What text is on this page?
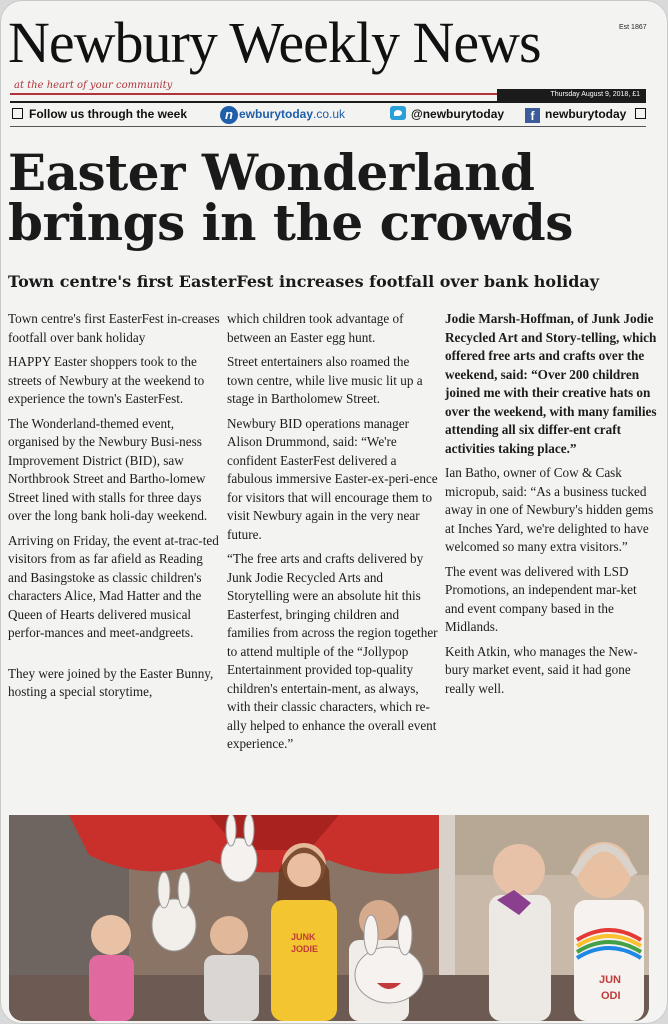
Newbury Weekly News	Est 1867
at the heart of your community
Thursday August 9, 2018, £1
Follow us through the week	n ewburytoday.co.uk	@newburytoday	f newburytoday
Easter Wonderland
brings in the crowds
Town centre's first EasterFest increases footfall over bank holiday

Town centre's first EasterFest in-creases footfall over bank holiday

HAPPY Easter shoppers took to the streets of Newbury at the weekend to experience the town's EasterFest.

The Wonderland-themed event, organised by the Newbury Busi-ness Improvement District (BID), saw Northbrook Street and Bartho-lomew Street lined with stalls for three days over the long bank holi-day weekend.

Arriving on Friday, the event at-trac-ted visitors from as far afield as Reading and Basingstoke as classic children's characters Alice, Mad Hatter and the Queen of Hearts delivered musical perfor-mances and meet-andgreets.

They were joined by the Easter Bunny, hosting a special storytime,

which children took advantage of between an Easter egg hunt.

Street entertainers also roamed the town centre, while live music lit up a stage in Bartholomew Street.

Newbury BID operations manager Alison Drummond, said: “We're confident EasterFest delivered a fabulous immersive Easter-ex-peri-ence for visitors that will encourage them to visit Newbury again in the very near future.

“The free arts and crafts delivered by Junk Jodie Recycled Arts and Storytelling were an absolute hit this Easterfest, bringing children and families from across the region together to attend multiple of the “Jollypop Entertainment provided top-quality children's entertain-ment, as always, with their classic characters, which re-ally helped to enhance the overall event experience.”

Jodie Marsh-Hoffman, of Junk Jodie Recycled Art and Story-telling, which offered free arts and crafts over the weekend, said: “Over 200 children joined me with their creative hats on over the weekend, with many families attending all six differ-ent craft activities taking place.”

Ian Batho, owner of Cow & Cask micropub, said: “As a business tucked away in one of Newbury's hidden gems at Inches Yard, we're delighted to have welcomed so many extra visitors.”

The event was delivered with LSD Promotions, an independent mar-ket and event company based in the Midlands.

Keith Atkin, who manages the New-bury market event, said it had gone really well.

JUNK
JODIE
JUN
ODI
